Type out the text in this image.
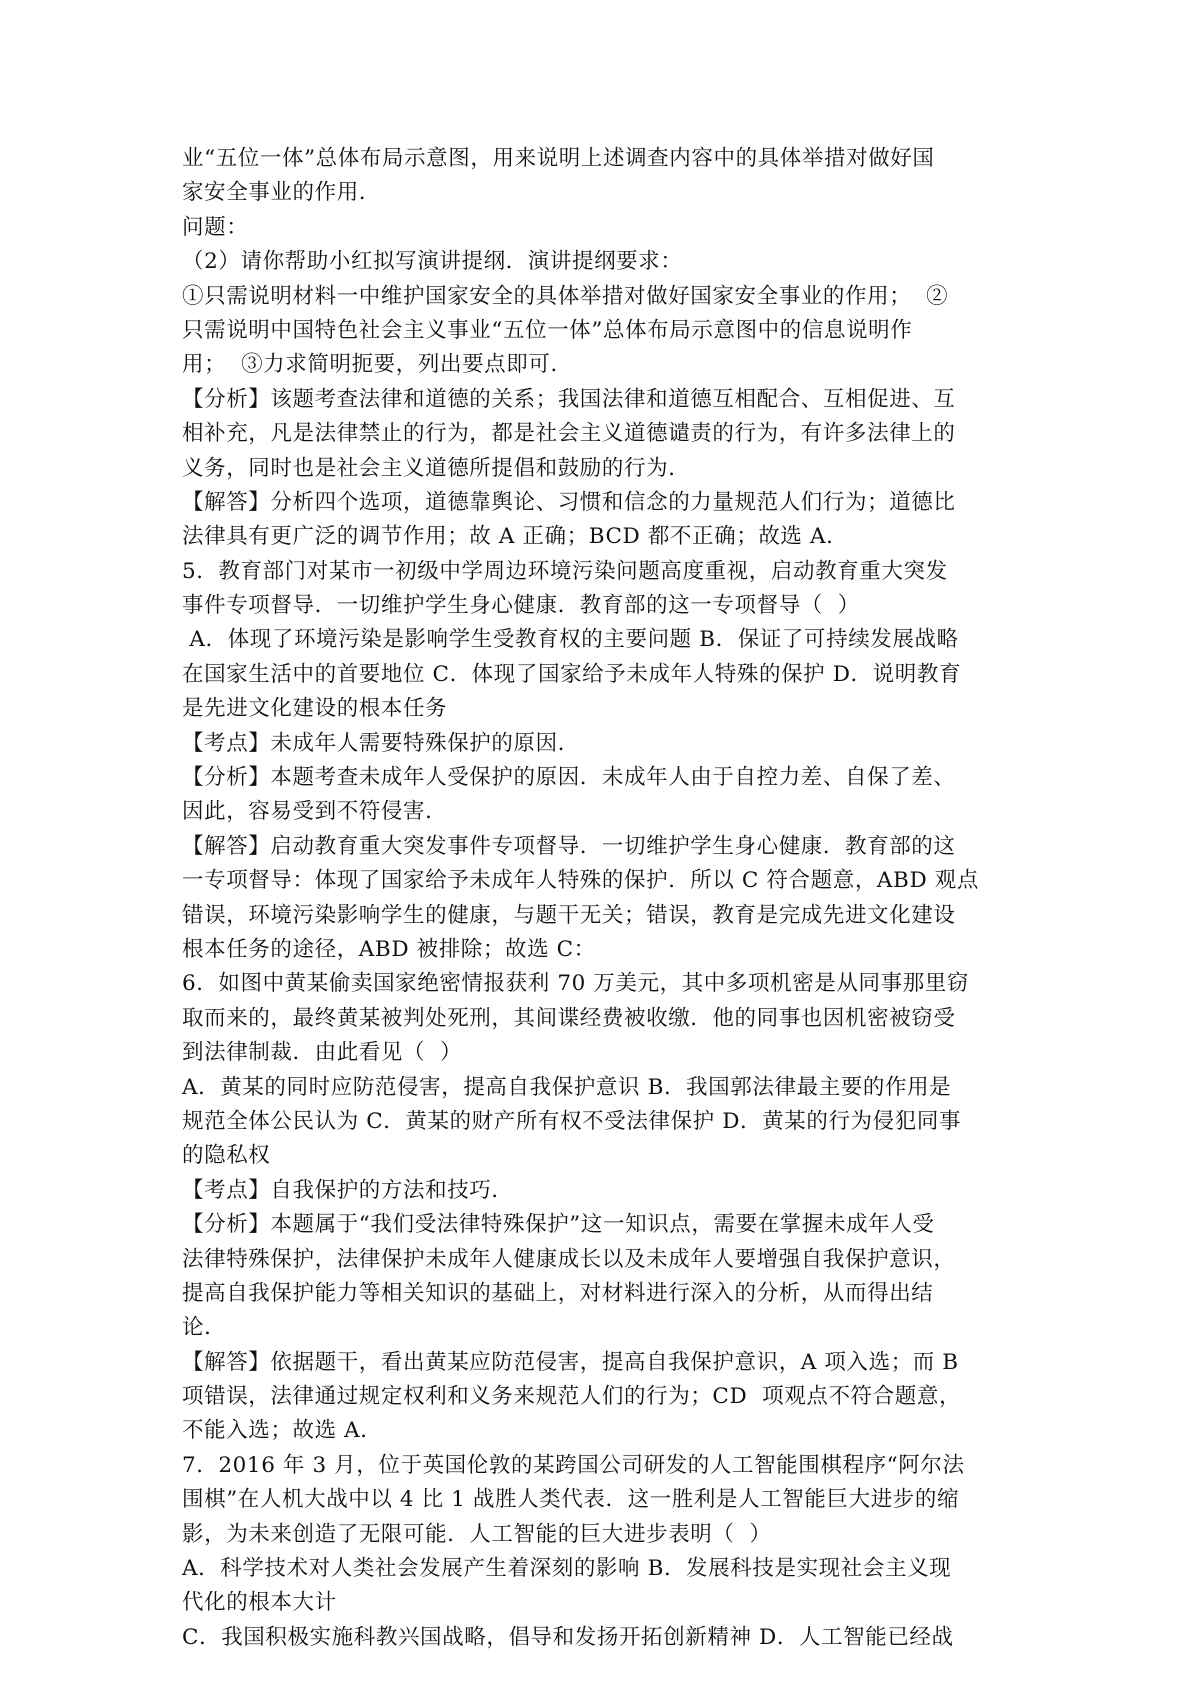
业“五位一体”总体布局示意图，用来说明上述调查内容中的具体举措对做好国
家安全事业的作用.
问题：
（2）请你帮助小红拟写演讲提纲．演讲提纲要求：
①只需说明材料一中维护国家安全的具体举措对做好国家安全事业的作用；  ②
只需说明中国特色社会主义事业“五位一体”总体布局示意图中的信息说明作
用；  ③力求简明扼要，列出要点即可．
【分析】该题考查法律和道德的关系；我国法律和道德互相配合、互相促进、互
相补充，凡是法律禁止的行为，都是社会主义道德谴责的行为，有许多法律上的
义务，同时也是社会主义道德所提倡和鼓励的行为．
【解答】分析四个选项，道德靠舆论、习惯和信念的力量规范人们行为；道德比
法律具有更广泛的调节作用；故 A 正确；BCD 都不正确；故选 A．
5．教育部门对某市一初级中学周边环境污染问题高度重视，启动教育重大突发
事件专项督导．一切维护学生身心健康．教育部的这一专项督导（  ）
A．体现了环境污染是影响学生受教育权的主要问题 B．保证了可持续发展战略
在国家生活中的首要地位 C．体现了国家给予未成年人特殊的保护 D．说明教育
是先进文化建设的根本任务
【考点】未成年人需要特殊保护的原因．
【分析】本题考查未成年人受保护的原因．未成年人由于自控力差、自保了差、
因此，容易受到不符侵害．
【解答】启动教育重大突发事件专项督导．一切维护学生身心健康．教育部的这
一专项督导：体现了国家给予未成年人特殊的保护．所以 C 符合题意，ABD 观点
错误，环境污染影响学生的健康，与题干无关；错误，教育是完成先进文化建设
根本任务的途径，ABD 被排除；故选 C：
6．如图中黄某偷卖国家绝密情报获利 70 万美元，其中多项机密是从同事那里窃
取而来的，最终黄某被判处死刑，其间谍经费被收缴．他的同事也因机密被窃受
到法律制裁．由此看见（  ）
A．黄某的同时应防范侵害，提高自我保护意识 B．我国郭法律最主要的作用是
规范全体公民认为 C．黄某的财产所有权不受法律保护 D．黄某的行为侵犯同事
的隐私权
【考点】自我保护的方法和技巧．
【分析】本题属于“我们受法律特殊保护”这一知识点，需要在掌握未成年人受
法律特殊保护，法律保护未成年人健康成长以及未成年人要增强自我保护意识，
提高自我保护能力等相关知识的基础上，对材料进行深入的分析，从而得出结
论．
【解答】依据题干，看出黄某应防范侵害，提高自我保护意识，A 项入选；而 B
项错误，法律通过规定权利和义务来规范人们的行为；CD  项观点不符合题意，
不能入选；故选 A．
7．2016 年 3 月，位于英国伦敦的某跨国公司研发的人工智能围棋程序“阿尔法
围棋”在人机大战中以 4 比 1 战胜人类代表．这一胜利是人工智能巨大进步的缩
影，为未来创造了无限可能．人工智能的巨大进步表明（  ）
A．科学技术对人类社会发展产生着深刻的影响 B．发展科技是实现社会主义现
代化的根本大计
C．我国积极实施科教兴国战略，倡导和发扬开拓创新精神 D．人工智能已经战
